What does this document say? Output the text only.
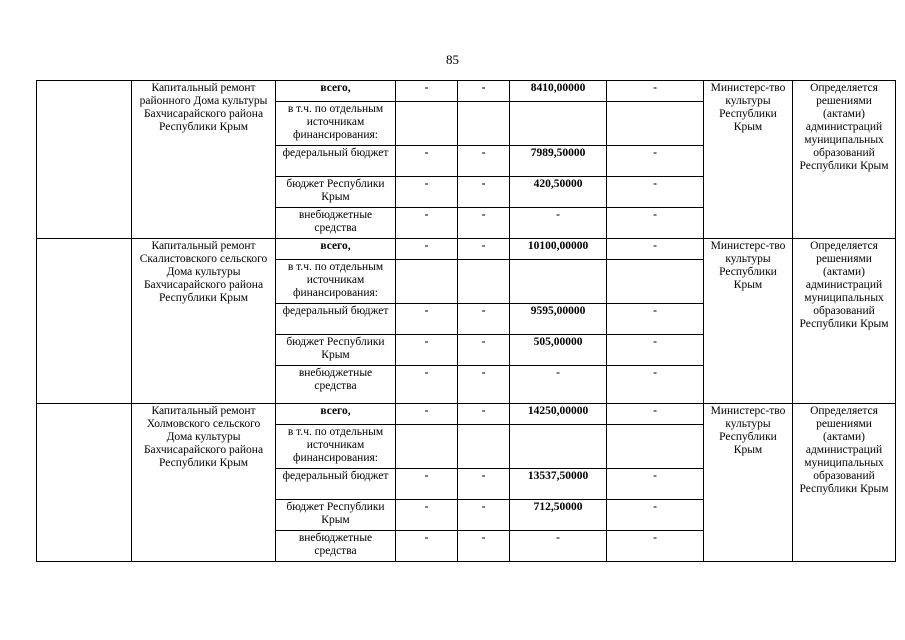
85
	Капитальный ремонт районного Дома культуры Бахчисарайского района Республики Крым	всего,	-	-	8410,00000	-	Министерс-тво культуры Республики Крым	Определяется решениями (актами) администраций муниципальных образований Республики Крым
		в т.ч. по отдельным источникам финансирования:						
		федеральный бюджет	-	-	7989,50000	-		
		бюджет Республики Крым	-	-	420,50000	-		
		внебюджетные средства	-	-	-	-		
	Капитальный ремонт Скалистовского сельского Дома культуры Бахчисарайского района Республики Крым	всего,	-	-	10100,00000	-	Министерс-тво культуры Республики Крым	Определяется решениями (актами) администраций муниципальных образований Республики Крым
		в т.ч. по отдельным источникам финансирования:						
		федеральный бюджет	-	-	9595,00000	-		
		бюджет Республики Крым	-	-	505,00000	-		
		внебюджетные средства	-	-	-	-		
	Капитальный ремонт Холмовского сельского Дома культуры Бахчисарайского района Республики Крым	всего,	-	-	14250,00000	-	Министерс-тво культуры Республики Крым	Определяется решениями (актами) администраций муниципальных образований Республики Крым
		в т.ч. по отдельным источникам финансирования:						
		федеральный бюджет	-	-	13537,50000	-		
		бюджет Республики Крым	-	-	712,50000	-		
		внебюджетные средства	-	-	-	-		
